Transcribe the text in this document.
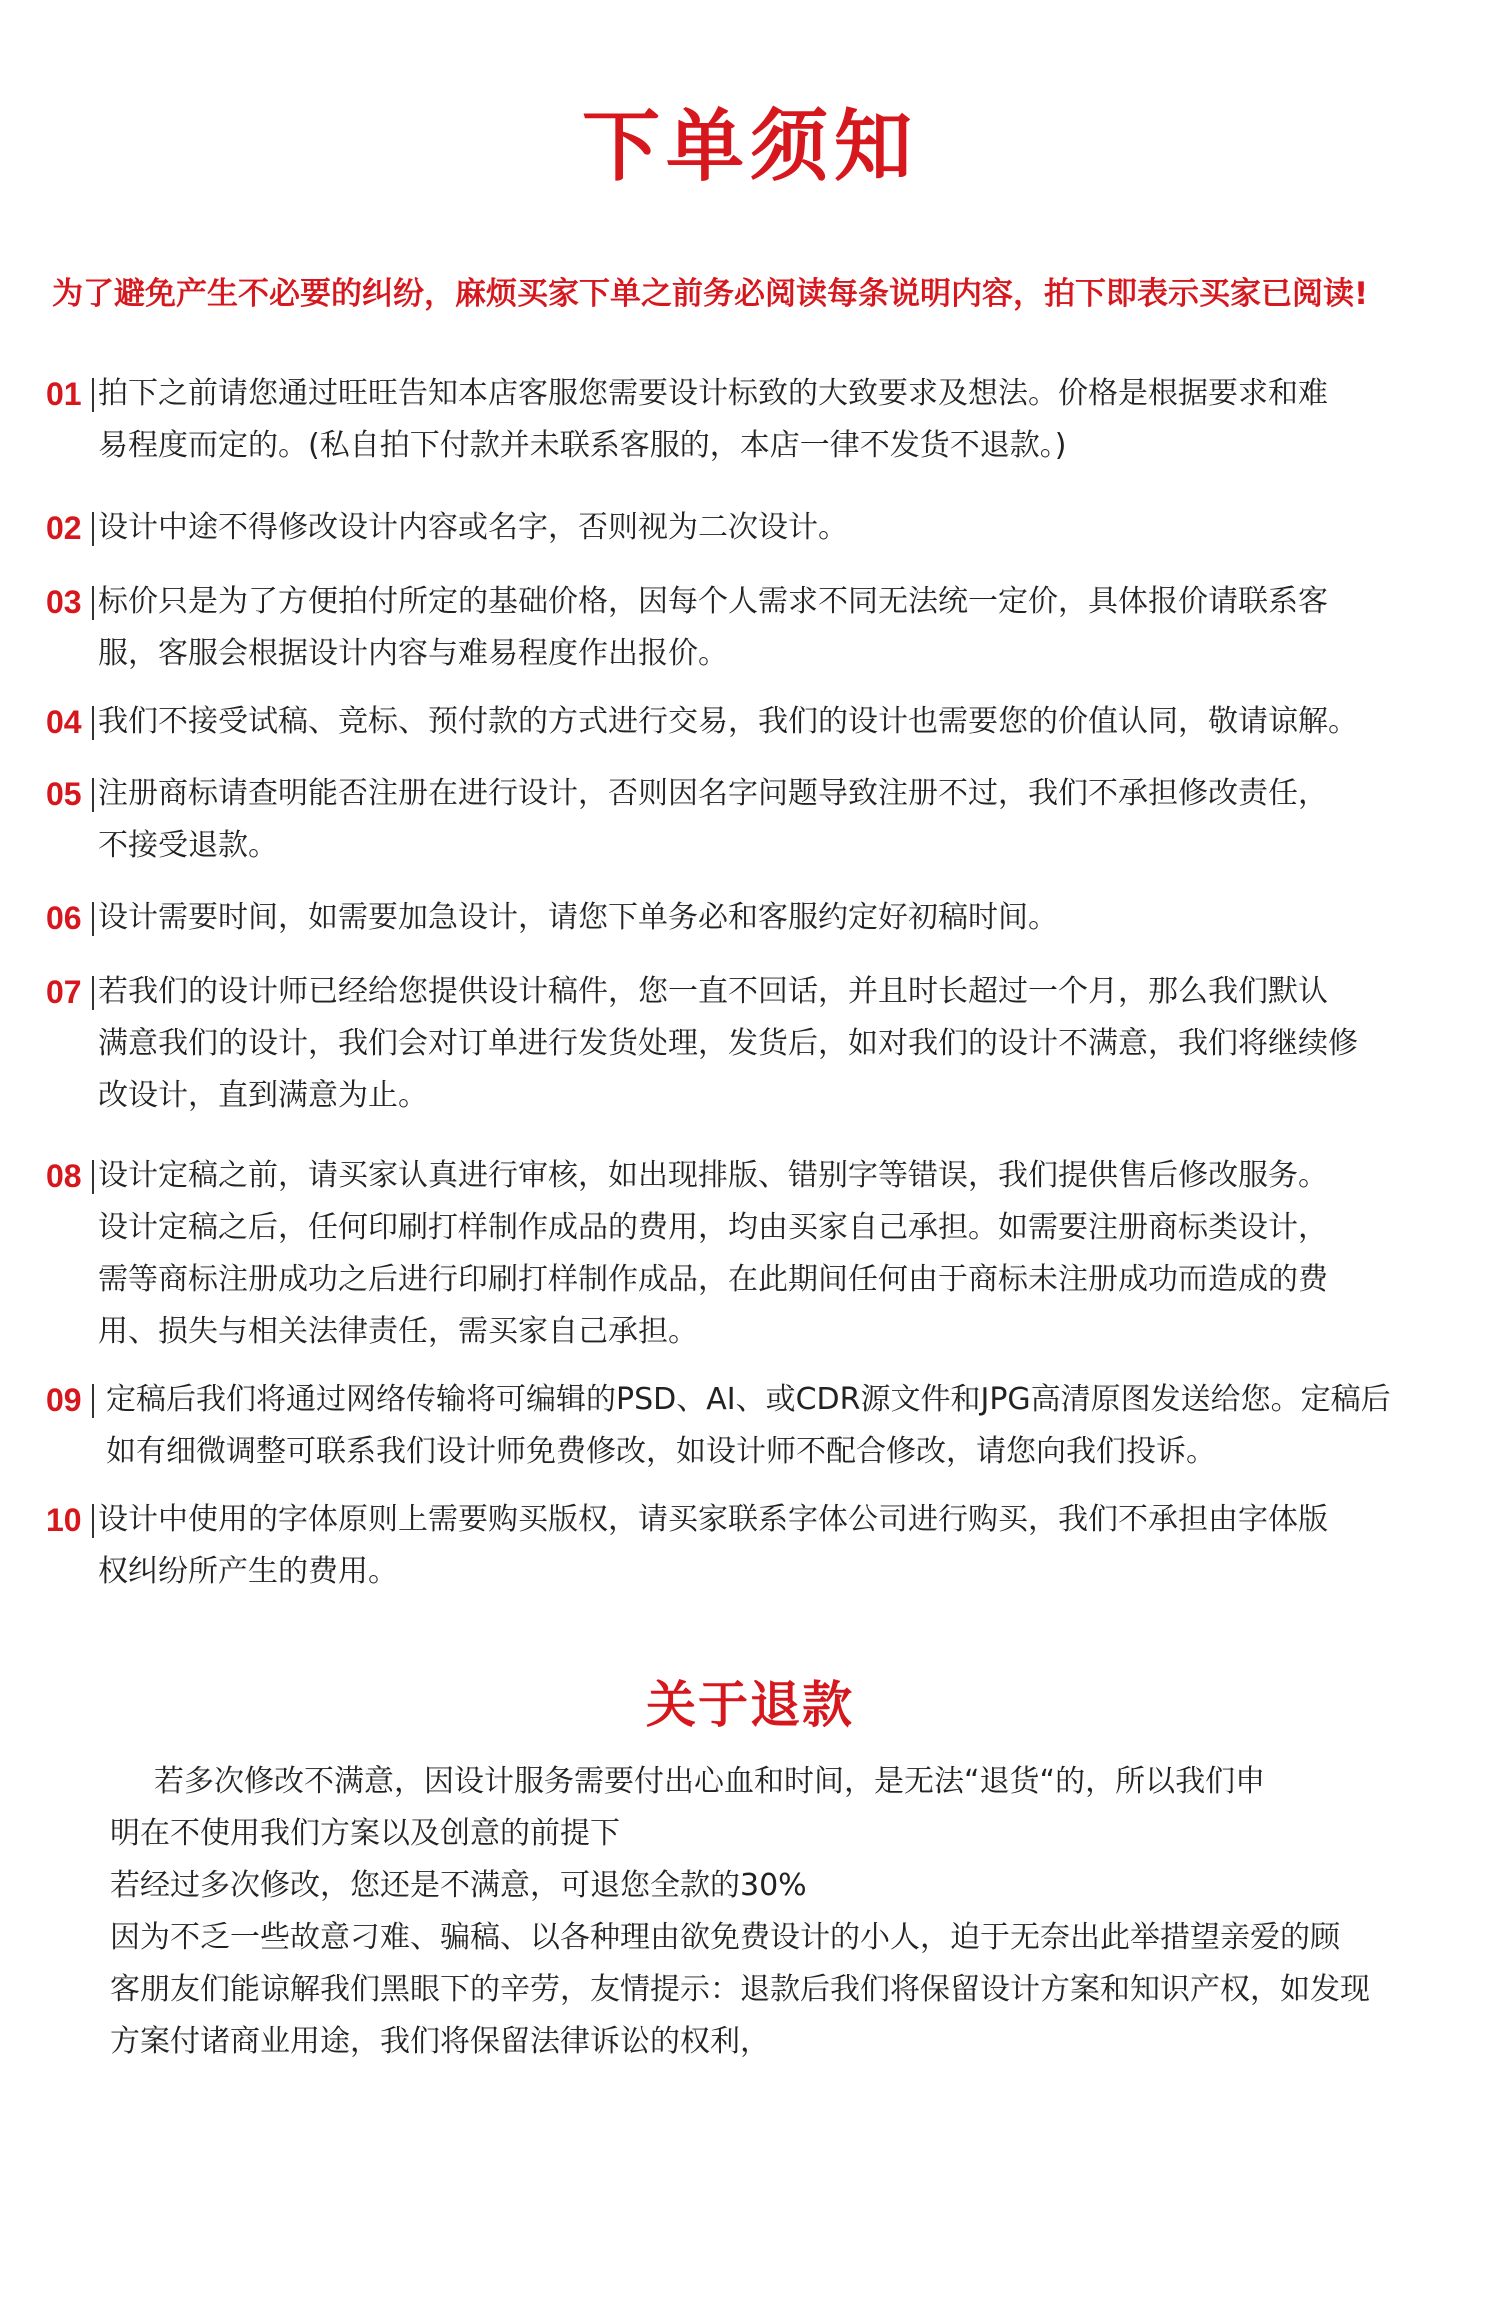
下单须知
为了避免产生不必要的纠纷，麻烦买家下单之前务必阅读每条说明内容，拍下即表示买家已阅读!
01 拍下之前请您通过旺旺告知本店客服您需要设计标致的大致要求及想法。价格是根据要求和难
易程度而定的。(私自拍下付款并未联系客服的，本店一律不发货不退款。)
02 设计中途不得修改设计内容或名字，否则视为二次设计。
03 标价只是为了方便拍付所定的基础价格，因每个人需求不同无法统一定价，具体报价请联系客
服，客服会根据设计内容与难易程度作出报价。
04 我们不接受试稿、竞标、预付款的方式进行交易，我们的设计也需要您的价值认同，敬请谅解。
05 注册商标请查明能否注册在进行设计，否则因名字问题导致注册不过，我们不承担修改责任，
不接受退款。
06 设计需要时间，如需要加急设计，请您下单务必和客服约定好初稿时间。
07 若我们的设计师已经给您提供设计稿件，您一直不回话，并且时长超过一个月，那么我们默认
满意我们的设计，我们会对订单进行发货处理，发货后，如对我们的设计不满意，我们将继续修
改设计，直到满意为止。
08 设计定稿之前，请买家认真进行审核，如出现排版、错别字等错误，我们提供售后修改服务。
设计定稿之后，任何印刷打样制作成品的费用，均由买家自己承担。如需要注册商标类设计，
需等商标注册成功之后进行印刷打样制作成品，在此期间任何由于商标未注册成功而造成的费
用、损失与相关法律责任，需买家自己承担。
09 定稿后我们将通过网络传输将可编辑的PSD、AI、或CDR源文件和JPG高清原图发送给您。定稿后
如有细微调整可联系我们设计师免费修改，如设计师不配合修改，请您向我们投诉。
10 设计中使用的字体原则上需要购买版权，请买家联系字体公司进行购买，我们不承担由字体版
权纠纷所产生的费用。
关于退款
若多次修改不满意，因设计服务需要付出心血和时间，是无法“退货“的，所以我们申
明在不使用我们方案以及创意的前提下
若经过多次修改，您还是不满意，可退您全款的30%
因为不乏一些故意刁难、骗稿、以各种理由欲免费设计的小人，迫于无奈出此举措望亲爱的顾
客朋友们能谅解我们黑眼下的辛劳，友情提示：退款后我们将保留设计方案和知识产权，如发现
方案付诸商业用途，我们将保留法律诉讼的权利，
